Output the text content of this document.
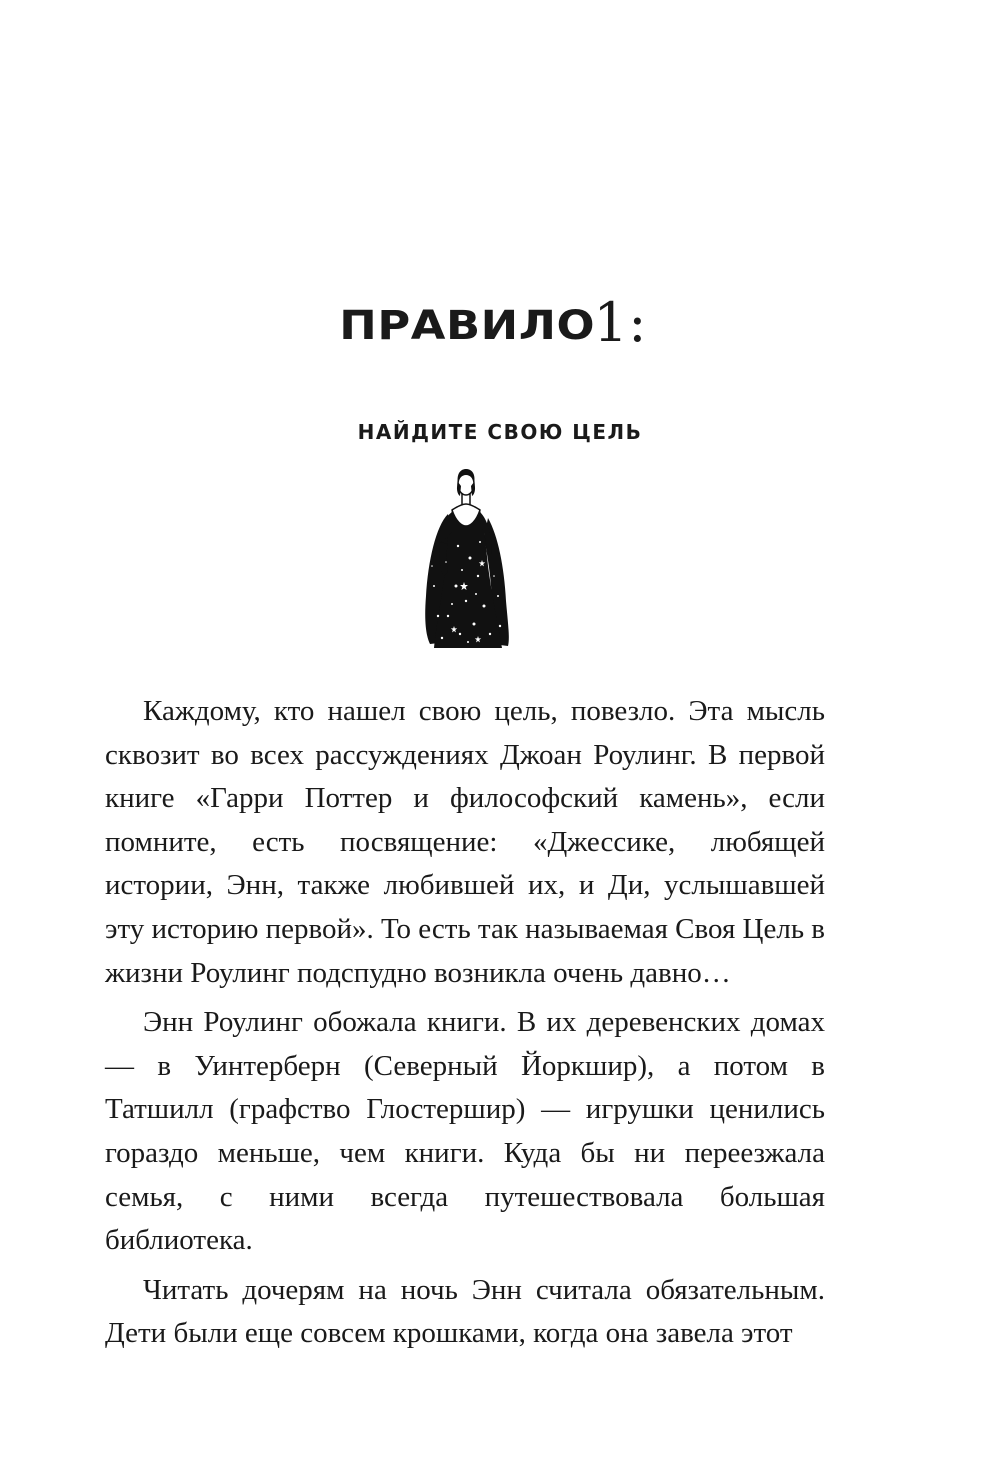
ПРАВИЛО1:
НАЙДИТЕ СВОЮ ЦЕЛЬ

Каждому, кто нашел свою цель, повезло. Эта мысль сквозит во всех рассуждениях Джоан Роулинг. В первой книге «Гарри Поттер и философский камень», если помните, есть посвящение: «Джессике, любящей истории, Энн, также любившей их, и Ди, услышавшей эту историю первой». То есть так называемая Своя Цель в жизни Роулинг подспудно возникла очень давно…

Энн Роулинг обожала книги. В их деревенских домах — в Уинтерберн (Северный Йоркшир), а потом в Татшилл (графство Глостершир) — игрушки ценились гораздо меньше, чем книги. Куда бы ни переезжала семья, с ними всегда путешествовала большая библиотека.

Читать дочерям на ночь Энн считала обязательным. Дети были еще совсем крошками, когда она завела этот
